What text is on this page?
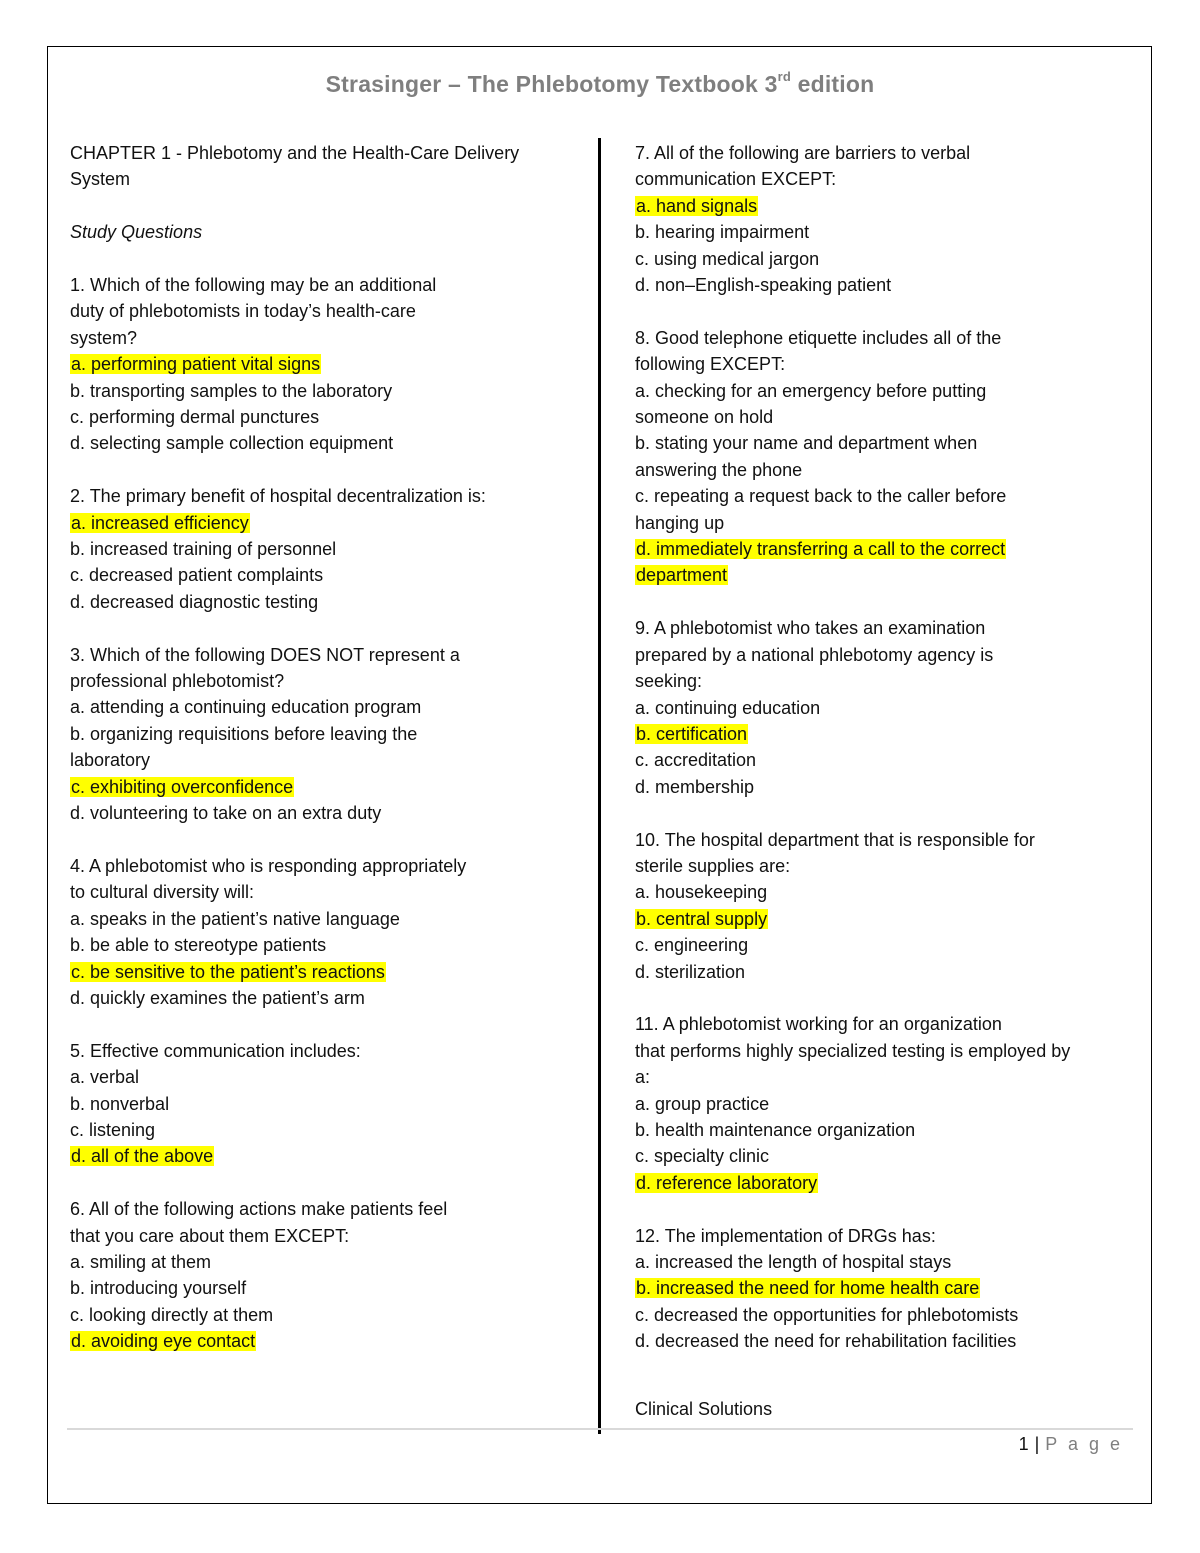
Strasinger – The Phlebotomy Textbook 3rd edition
CHAPTER 1 - Phlebotomy and the Health-Care Delivery
System
Study Questions
1. Which of the following may be an additional
duty of phlebotomists in today’s health-care
system?
a. performing patient vital signs
b. transporting samples to the laboratory
c. performing dermal punctures
d. selecting sample collection equipment
2. The primary benefit of hospital decentralization is:
a. increased efficiency
b. increased training of personnel
c. decreased patient complaints
d. decreased diagnostic testing
3. Which of the following DOES NOT represent a
professional phlebotomist?
a. attending a continuing education program
b. organizing requisitions before leaving the
laboratory
c. exhibiting overconfidence
d. volunteering to take on an extra duty
4. A phlebotomist who is responding appropriately
to cultural diversity will:
a. speaks in the patient’s native language
b. be able to stereotype patients
c. be sensitive to the patient’s reactions
d. quickly examines the patient’s arm
5. Effective communication includes:
a. verbal
b. nonverbal
c. listening
d. all of the above
6. All of the following actions make patients feel
that you care about them EXCEPT:
a. smiling at them
b. introducing yourself
c. looking directly at them
d. avoiding eye contact
7. All of the following are barriers to verbal
communication EXCEPT:
a. hand signals
b. hearing impairment
c. using medical jargon
d. non–English-speaking patient
8. Good telephone etiquette includes all of the
following EXCEPT:
a. checking for an emergency before putting
someone on hold
b. stating your name and department when
answering the phone
c. repeating a request back to the caller before
hanging up
d. immediately transferring a call to the correct
department
9. A phlebotomist who takes an examination
prepared by a national phlebotomy agency is
seeking:
a. continuing education
b. certification
c. accreditation
d. membership
10. The hospital department that is responsible for
sterile supplies are:
a. housekeeping
b. central supply
c. engineering
d. sterilization
11. A phlebotomist working for an organization
that performs highly specialized testing is employed by
a:
a. group practice
b. health maintenance organization
c. specialty clinic
d. reference laboratory
12. The implementation of DRGs has:
a. increased the length of hospital stays
b. increased the need for home health care
c. decreased the opportunities for phlebotomists
d. decreased the need for rehabilitation facilities
Clinical Solutions
1 | P a g e
